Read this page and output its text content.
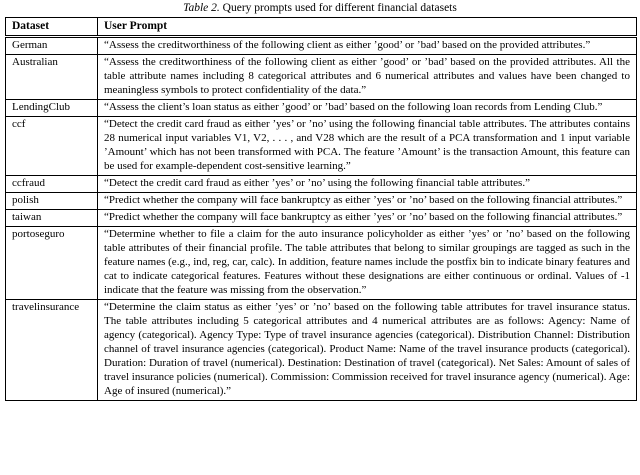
Table 2. Query prompts used for different financial datasets
Dataset	User Prompt
German	“Assess the creditworthiness of the following client as either ’good’ or ’bad’ based on the provided attributes.”
Australian	“Assess the creditworthiness of the following client as either ’good’ or ’bad’ based on the provided attributes. All the table attribute names including 8 categorical attributes and 6 numerical attributes and values have been changed to meaningless symbols to protect confidentiality of the data.”
LendingClub	“Assess the client’s loan status as either ’good’ or ’bad’ based on the following loan records from Lending Club.”
ccf	“Detect the credit card fraud as either ’yes’ or ’no’ using the following financial table attributes. The attributes contains 28 numerical input variables V1, V2, . . . , and V28 which are the result of a PCA transformation and 1 input variable ’Amount’ which has not been transformed with PCA. The feature ’Amount’ is the transaction Amount, this feature can be used for example-dependent cost-sensitive learning.”
ccfraud	“Detect the credit card fraud as either ’yes’ or ’no’ using the following financial table attributes.”
polish	“Predict whether the company will face bankruptcy as either ’yes’ or ’no’ based on the following financial attributes.”
taiwan	“Predict whether the company will face bankruptcy as either ’yes’ or ’no’ based on the following financial attributes.”
portoseguro	“Determine whether to file a claim for the auto insurance policyholder as either ’yes’ or ’no’ based on the following table attributes of their financial profile. The table attributes that belong to similar groupings are tagged as such in the feature names (e.g., ind, reg, car, calc). In addition, feature names include the postfix bin to indicate binary features and cat to indicate categorical features. Features without these designations are either continuous or ordinal. Values of -1 indicate that the feature was missing from the observation.”
travelinsurance	“Determine the claim status as either ’yes’ or ’no’ based on the following table attributes for travel insurance status. The table attributes including 5 categorical attributes and 4 numerical attributes are as follows: Agency: Name of agency (categorical). Agency Type: Type of travel insurance agencies (categorical). Distribution Channel: Distribution channel of travel insurance agencies (categorical). Product Name: Name of the travel insurance products (categorical). Duration: Duration of travel (numerical). Destination: Destination of travel (categorical). Net Sales: Amount of sales of travel insurance policies (numerical). Commission: Commission received for travel insurance agency (numerical). Age: Age of insured (numerical).”
